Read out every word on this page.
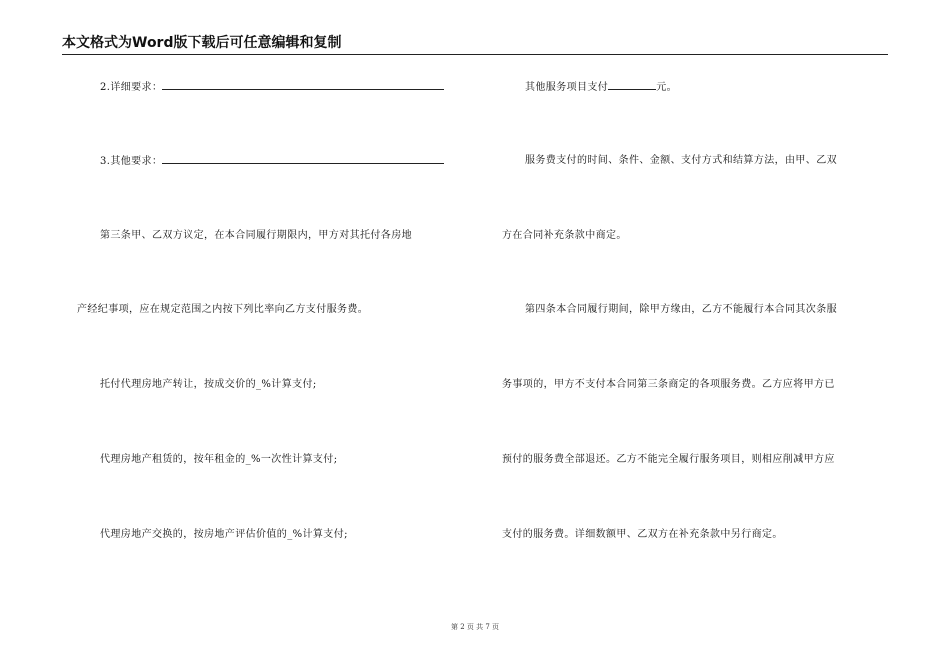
本文格式为Word版下载后可任意编辑和复制
2.详细要求：
3.其他要求：
第三条甲、乙双方议定，在本合同履行期限内，甲方对其托付各房地
产经纪事项，应在规定范围之内按下列比率向乙方支付服务费。
托付代理房地产转让，按成交价的_%计算支付;
代理房地产租赁的，按年租金的_%一次性计算支付;
代理房地产交换的，按房地产评估价值的_%计算支付;
其他服务项目支付	元。
服务费支付的时间、条件、金额、支付方式和结算方法，由甲、乙双
方在合同补充条款中商定。
第四条本合同履行期间，除甲方缘由，乙方不能履行本合同其次条服
务事项的，甲方不支付本合同第三条商定的各项服务费。乙方应将甲方已
预付的服务费全部退还。乙方不能完全履行服务项目，则相应削减甲方应
支付的服务费。详细数额甲、乙双方在补充条款中另行商定。
第 2 页 共 7 页
